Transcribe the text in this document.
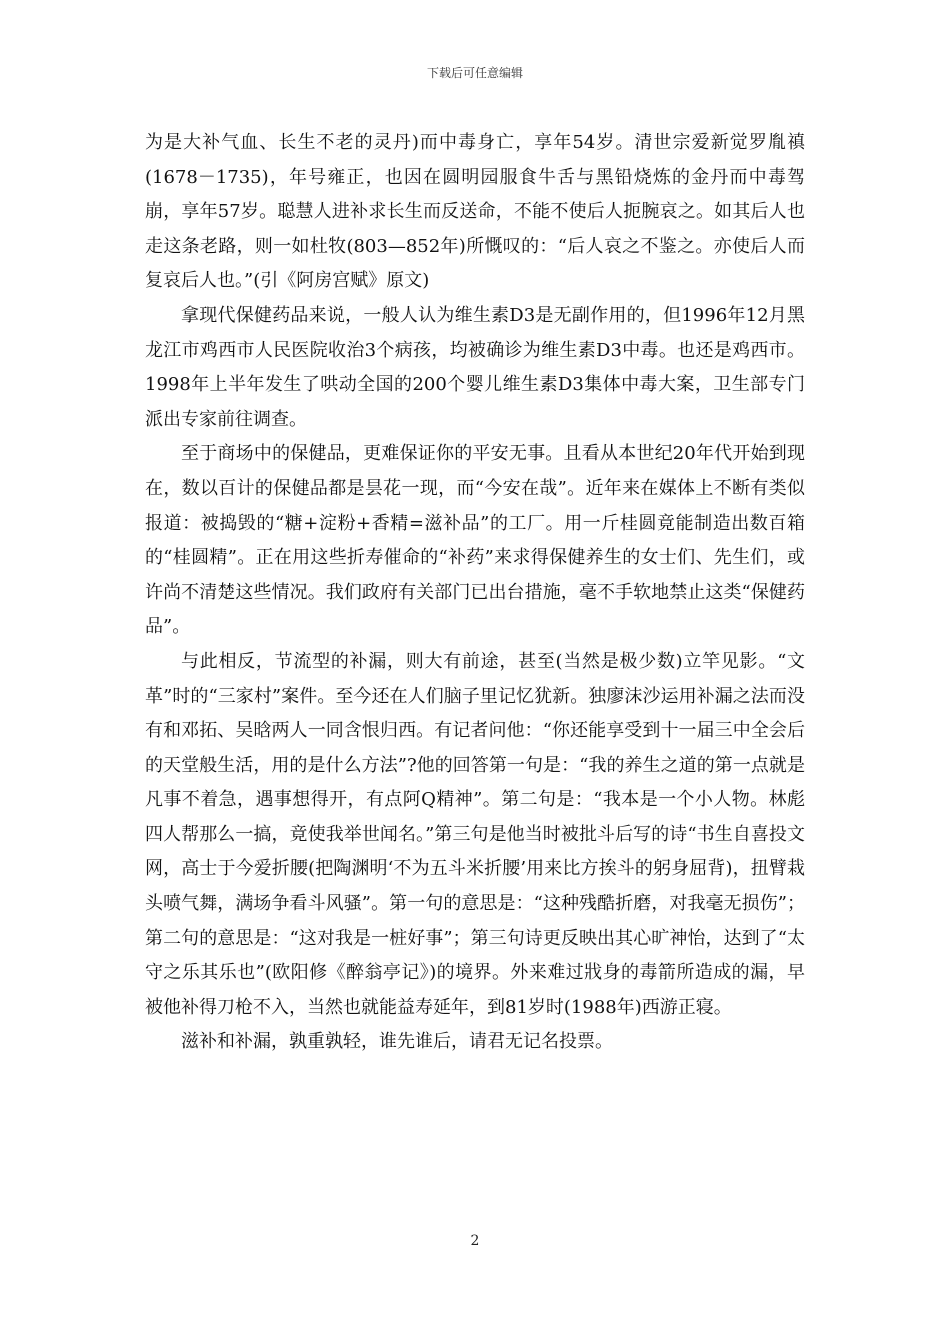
下载后可任意编辑

为是大补气血、长生不老的灵丹)而中毒身亡，享年54岁。清世宗爱新觉罗胤禛(1678－1735)，年号雍正，也因在圆明园服食牛舌与黑铅烧炼的金丹而中毒驾崩，享年57岁。聪慧人进补求长生而反送命，不能不使后人扼腕哀之。如其后人也走这条老路，则一如杜牧(803—852年)所慨叹的：“后人哀之不鉴之。亦使后人而复哀后人也。”(引《阿房宫赋》原文)

拿现代保健药品来说，一般人认为维生素D3是无副作用的，但1996年12月黑龙江市鸡西市人民医院收治3个病孩，均被确诊为维生素D3中毒。也还是鸡西市。1998年上半年发生了哄动全国的200个婴儿维生素D3集体中毒大案，卫生部专门派出专家前往调查。

至于商场中的保健品，更难保证你的平安无事。且看从本世纪20年代开始到现在，数以百计的保健品都是昙花一现，而“今安在哉”。近年来在媒体上不断有类似报道：被捣毁的“糖+淀粉+香精=滋补品”的工厂。用一斤桂圆竟能制造出数百箱的“桂圆精”。正在用这些折寿催命的“补药”来求得保健养生的女士们、先生们，或许尚不清楚这些情况。我们政府有关部门已出台措施，毫不手软地禁止这类“保健药品”。

与此相反，节流型的补漏，则大有前途，甚至(当然是极少数)立竿见影。“文革”时的“三家村”案件。至今还在人们脑子里记忆犹新。独廖沫沙运用补漏之法而没有和邓拓、吴晗两人一同含恨归西。有记者问他：“你还能享受到十一届三中全会后的天堂般生活，用的是什么方法”?他的回答第一句是：“我的养生之道的第一点就是凡事不着急，遇事想得开，有点阿Q精神”。第二句是：“我本是一个小人物。林彪四人帮那么一搞，竟使我举世闻名。”第三句是他当时被批斗后写的诗“书生自喜投文网，高士于今爱折腰(把陶渊明‘不为五斗米折腰’用来比方挨斗的躬身屈背)，扭臂栽头喷气舞，满场争看斗风骚”。第一句的意思是：“这种残酷折磨，对我毫无损伤”；第二句的意思是：“这对我是一桩好事”；第三句诗更反映出其心旷神怡，达到了“太守之乐其乐也”(欧阳修《醉翁亭记》)的境界。外来难过戕身的毒箭所造成的漏，早被他补得刀枪不入，当然也就能益寿延年，到81岁时(1988年)西游正寝。

滋补和补漏，孰重孰轻，谁先谁后，请君无记名投票。

2
